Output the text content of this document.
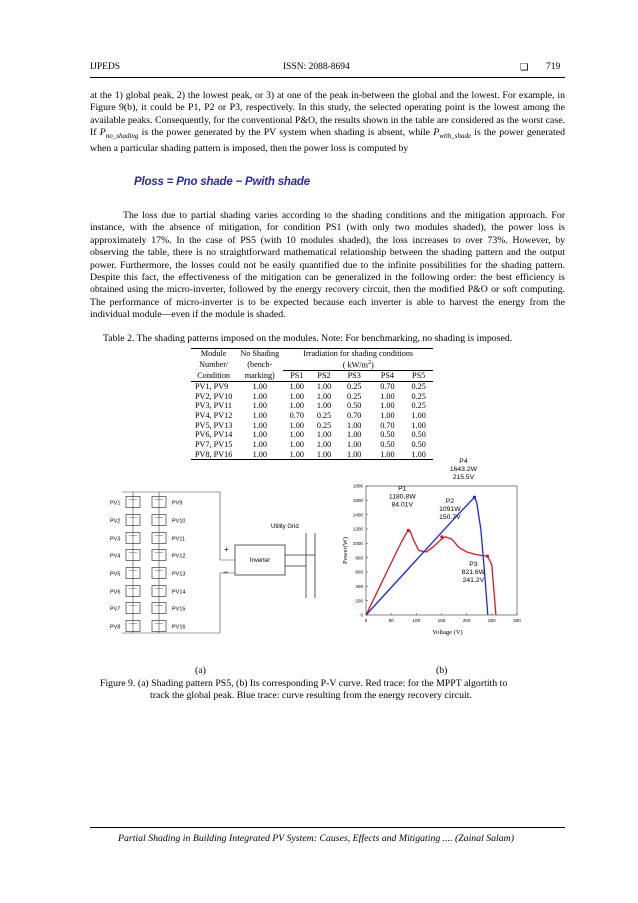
IJPEDS	ISSN: 2088-8694	❏ 719

at the 1) global peak, 2) the lowest peak, or 3) at one of the peak in-between the global and the lowest. For example, in Figure 9(b), it could be P1, P2 or P3, respectively. In this study, the selected operating point is the lowest among the available peaks. Consequently, for the conventional P&O, the results shown in the table are considered as the worst case. If $P_{no\_shading}$ is the power generated by the PV system when shading is absent, while $P_{with\_shade}$ is the power generated when a particular shading pattern is imposed, then the power loss is computed by

Ploss = Pno shade − Pwith shade

The loss due to partial shading varies according to the shading conditions and the mitigation approach. For instance, with the absence of mitigation, for condition PS1 (with only two modules shaded), the power loss is approximately 17%. In the case of PS5 (with 10 modules shaded), the loss increases to over 73%. However, by observing the table, there is no straightforward mathematical relationship between the shading pattern and the output power. Furthermore, the losses could not be easily quantified due to the infinite possibilities for the shading pattern. Despite this fact, the effectiveness of the mitigation can be generalized in the following order: the best efficiency is obtained using the micro-inverter, followed by the energy recovery circuit, then the modified P&O or soft computing. The performance of micro-inverter is to be expected because each inverter is able to harvest the energy from the individual module—even if the module is shaded.

Table 2. The shading patterns imposed on the modules. Note: For benchmarking, no shading is imposed.

Module	No Shading	Irradiation for shading conditions				
Number/	(bench-	( $kW/m^2$)				
Condition	marking)	PS1	PS2	PS3	PS4	PS5
PV1, PV9	1.00	1.00	1.00	0.25	0.70	0.25
PV2, PV10	1.00	1.00	1.00	0.25	1.00	0.25
PV3, PV11	1.00	1.00	1.00	0.50	1.00	0.25
PV4, PV12	1.00	0.70	0.25	0.70	1.00	1.00
PV5, PV13	1.00	1.00	0.25	1.00	0.70	1.00
PV6, PV14	1.00	1.00	1.00	1.00	0.50	0.50
PV7, PV15	1.00	1.00	1.00	1.00	0.50	0.50
PV8, PV16	1.00	1.00	1.00	1.00	1.00	1.00
PV1	PV9
PV2	PV10
PV3	PV11
PV4	PV12
PV5	PV13
PV6	PV14
PV7	PV15
PV8	PV16
+
−
Inverter
Utility Grid
0	50	100	150	200	250	300
0
200
400
600
800
1000
1200
1400
1600
1800
Voltage (V)
Power(W)
P1
1180.8W
84.01V
P2
1091W
150.7V
P3
821.6W
241.2V
P4
1643.2W
215.5V
(a)	(b)
Figure 9. (a) Shading pattern PS5, (b) Its corresponding P-V curve. Red trace: for the MPPT algortith to
track the global peak. Blue trace: curve resulting from the energy recovery circuit.
Partial Shading in Building Integrated PV System: Causes, Effects and Mitigating .... (Zainal Salam)
